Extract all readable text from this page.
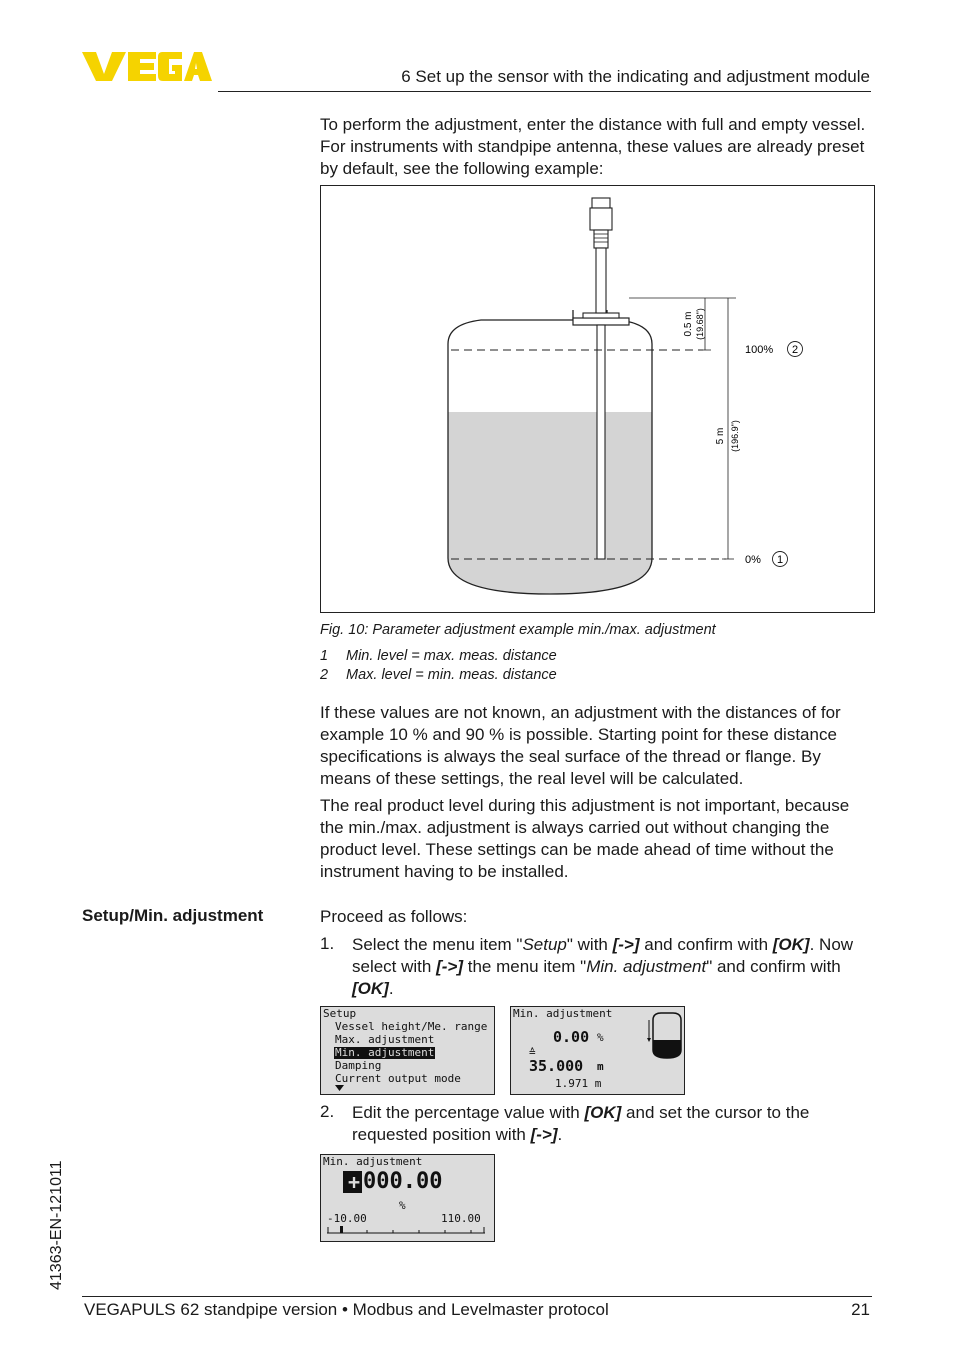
6 Set up the sensor with the indicating and adjustment module
To perform the adjustment, enter the distance with full and empty vessel. For instruments with standpipe antenna, these values are already preset by default, see the following example:
0.5 m (19.68")
5 m (196.9")
100% 2
0% 1
Fig. 10: Parameter adjustment example min./max. adjustment
1 Min. level = max. meas. distance
2 Max. level = min. meas. distance
If these values are not known, an adjustment with the distances of for example 10 % and 90 % is possible. Starting point for these distance specifications is always the seal surface of the thread or flange. By means of these settings, the real level will be calculated.
The real product level during this adjustment is not important, because the min./max. adjustment is always carried out without changing the product level. These settings can be made ahead of time without the instrument having to be installed.
Setup/Min. adjustment	Proceed as follows:
1. Select the menu item "Setup" with [->] and confirm with [OK]. Now select with [->] the menu item "Min. adjustment" and confirm with [OK].
Setup
Vessel height/Me. range
Max. adjustment
Min. adjustment
Damping
Current output mode
Min. adjustment
0.00 %
≙
35.000 m
1.971 m
2. Edit the percentage value with [OK] and set the cursor to the requested position with [->].
Min. adjustment
+ 000.00
%
-10.00	110.00
41363-EN-121011
VEGAPULS 62 standpipe version • Modbus and Levelmaster protocol	21
